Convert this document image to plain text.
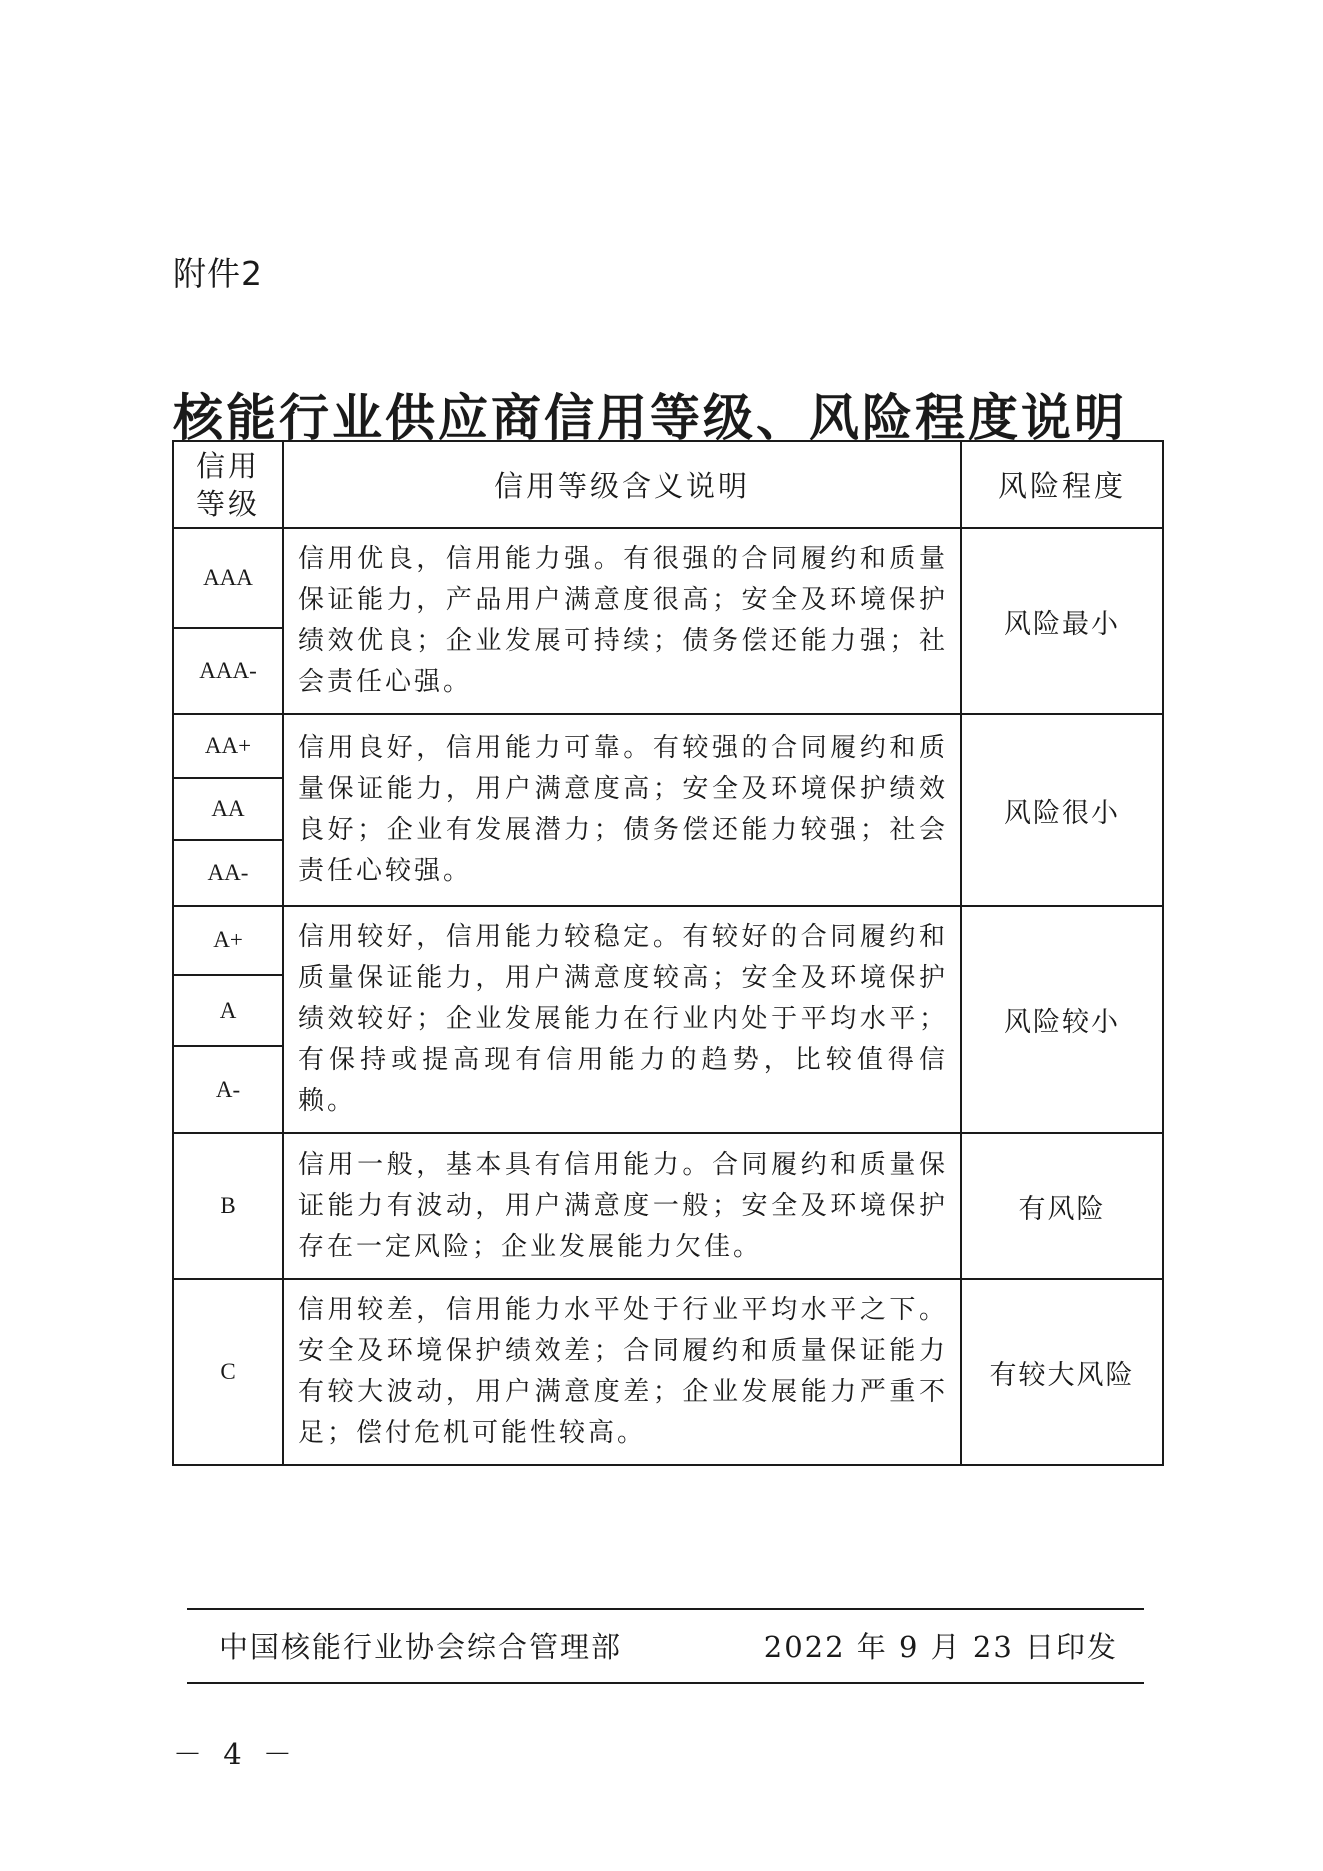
附件2
核能行业供应商信用等级、风险程度说明
信用
等级	信用等级含义说明	风险程度
AAA	信用优良，信用能力强。有很强的合同履约和质量保证能力，产品用户满意度很高；安全及环境保护绩效优良；企业发展可持续；债务偿还能力强；社会责任心强。	风险最小
AAA-		
AA+	信用良好，信用能力可靠。有较强的合同履约和质量保证能力，用户满意度高；安全及环境保护绩效良好；企业有发展潜力；债务偿还能力较强；社会责任心较强。	风险很小
AA		
AA-		
A+	信用较好，信用能力较稳定。有较好的合同履约和质量保证能力，用户满意度较高；安全及环境保护绩效较好；企业发展能力在行业内处于平均水平；有保持或提高现有信用能力的趋势，比较值得信赖。	风险较小
A		
A-		
B	信用一般，基本具有信用能力。合同履约和质量保证能力有波动，用户满意度一般；安全及环境保护存在一定风险；企业发展能力欠佳。	有风险
C	信用较差，信用能力水平处于行业平均水平之下。安全及环境保护绩效差；合同履约和质量保证能力有较大波动，用户满意度差；企业发展能力严重不足；偿付危机可能性较高。	有较大风险
中国核能行业协会综合管理部	2022 年 9 月 23 日印发
－ 4 －
